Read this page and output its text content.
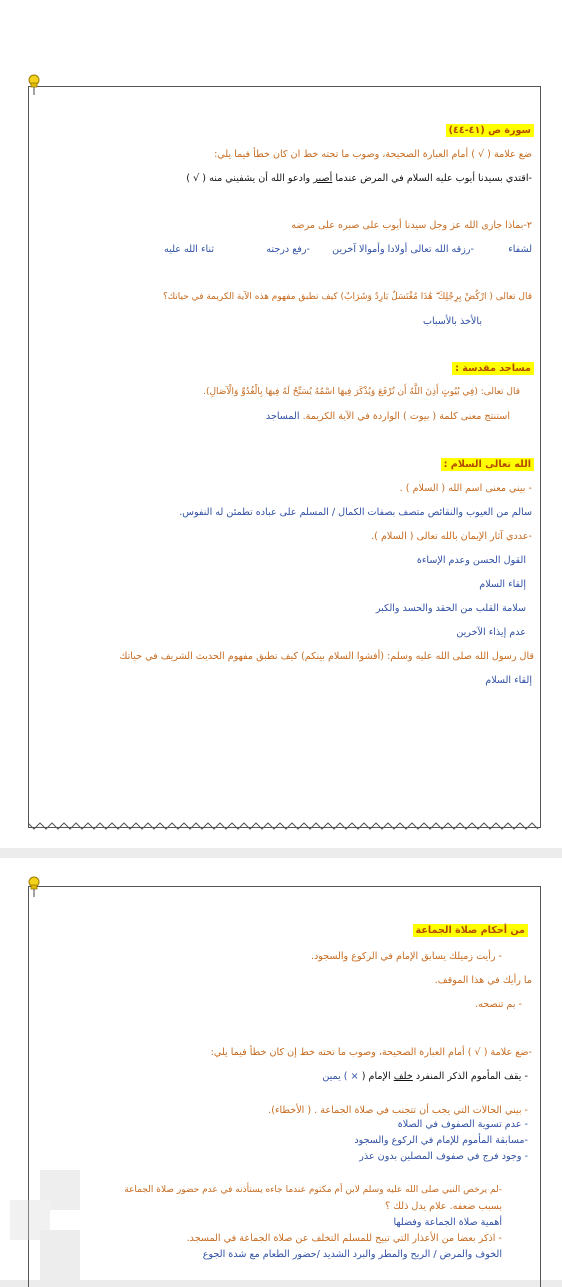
سورة ص (٤١-٤٤)
ضع علامة ( √ ) أمام العبارة الصحيحة، وصوب ما تحته خط ان كان خطأ فيما يلي:
-اقتدي بسيدنا أيوب عليه السلام في المرض عندما أصبر وادعو الله أن يشفيني منه ( √ )
٢-بماذا جازى الله عز وجل سيدنا أيوب على صبره على مرضه
لشفاء
-رزقه الله تعالى أولادا وأموالا آخرين
-رفع درجته
ثناء الله عليه
قال تعالى ( ارْكُضْ بِرِجْلِكَ ۖ هَٰذَا مُغْتَسَلٌ بَارِدٌ وَشَرَابٌ) كيف تطبق مفهوم هذه الآية الكريمة في حياتك؟
بالأخذ بالأسباب
مساجد مقدسة :
قال تعالى: (فِي بُيُوتٍ أَذِنَ اللَّهُ أَن تُرْفَعَ وَيُذْكَرَ فِيهَا اسْمُهُ يُسَبِّحُ لَهُ فِيهَا بِالْغُدُوِّ وَالْآصَالِ).
استنتج معنى كلمة ( بيوت ) الواردة في الآية الكريمة. المساجد
الله تعالى السلام :
- بيني معنى اسم الله ( السلام ) .
سالم من العيوب والنقائص متصف بصفات الكمال / المسلم على عباده تطمئن له النفوس.
-عددي آثار الإيمان بالله تعالى ( السلام ).
القول الحسن وعدم الإساءة
إلقاء السلام
سلامة القلب من الحقد والحسد والكبر
عدم إيذاء الآخرين
قال رسول الله صلى الله عليه وسلم: (أفشوا السلام بينكم) كيف تطبق مفهوم الحديث الشريف في حياتك
إلقاء السلام
من أحكام صلاة الجماعة
- رأيت زميلك يسابق الإمام في الركوع والسجود.
ما رأيك في هذا الموقف.
- بم تنصحه.
-ضع علامة ( √ ) أمام العبارة الصحيحة، وصوب ما تحته خط إن كان خطأ فيما يلي:
- يقف المأموم الذكر المنفرد خلف الإمام ( × ) يمين
- بيني الحالات التي يجب أن تتجنب في صلاة الجماعة . ( الأخطاء).
- عدم تسوية الصفوف في الصلاة
-مسابقة المأموم للإمام في الركوع والسجود
- وجود فرج في صفوف المصلين بدون عذر
-لم يرخص النبي صلى الله عليه وسلم لابن أم مكتوم عندما جاءه يستأذنه في عدم حضور صلاة الجماعة
بسبب ضعفه. علام يدل ذلك ؟
أهمية صلاة الجماعة وفضلها
- اذكر بعضا من الأعذار التي تبيح للمسلم التخلف عن صلاة الجماعة في المسجد.
الخوف والمرض / الريح والمطر والبرد الشديد /حضور الطعام مع شدة الجوع
